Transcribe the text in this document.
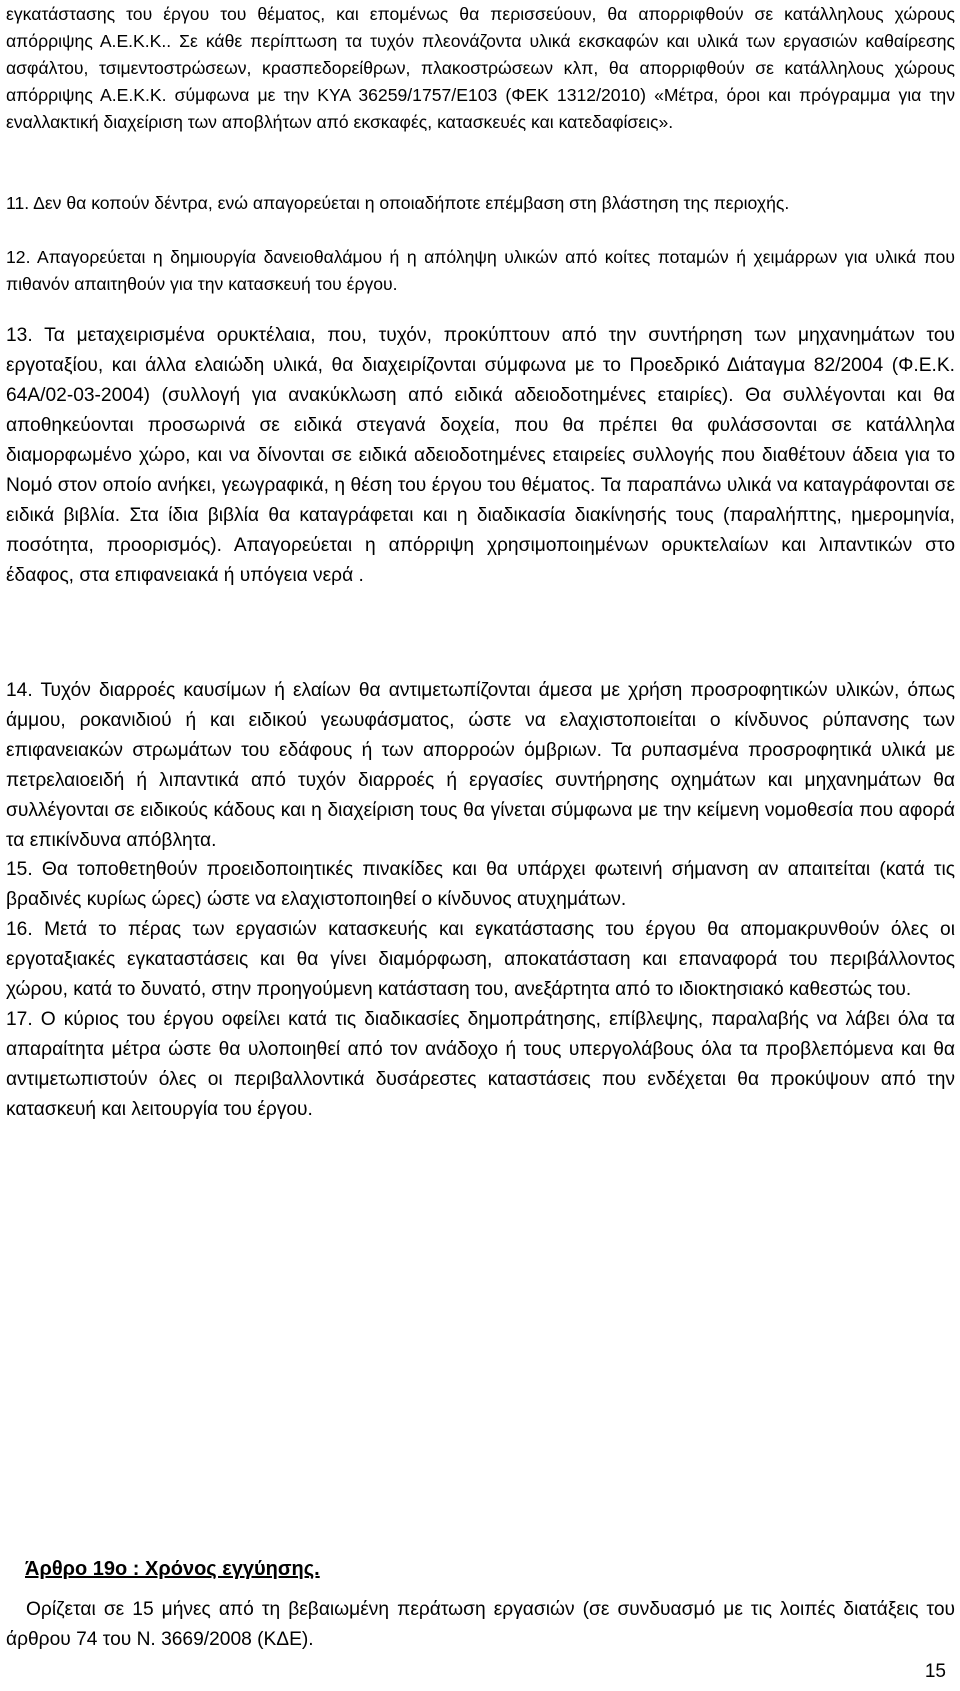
εγκατάστασης του έργου του θέματος, και επομένως θα περισσεύουν, θα απορριφθούν σε κατάλληλους χώρους απόρριψης Α.Ε.Κ.Κ.. Σε κάθε περίπτωση τα τυχόν πλεονάζοντα υλικά εκσκαφών και υλικά των εργασιών καθαίρεσης ασφάλτου, τσιμεντοστρώσεων, κρασπεδορείθρων, πλακοστρώσεων κλπ, θα απορριφθούν σε κατάλληλους χώρους απόρριψης Α.Ε.Κ.Κ. σύμφωνα με την ΚΥΑ 36259/1757/Ε103 (ΦΕΚ 1312/2010) «Μέτρα, όροι και πρόγραμμα για την εναλλακτική διαχείριση των αποβλήτων από εκσκαφές, κατασκευές και κατεδαφίσεις».

11. Δεν θα κοπούν δέντρα, ενώ απαγορεύεται η οποιαδήποτε επέμβαση στη βλάστηση της περιοχής.

12. Απαγορεύεται η δημιουργία δανειοθαλάμου ή η απόληψη υλικών από κοίτες ποταμών ή χειμάρρων για υλικά που πιθανόν απαιτηθούν για την κατασκευή του έργου.

13. Τα μεταχειρισμένα ορυκτέλαια, που, τυχόν, προκύπτουν από την συντήρηση των μηχανημάτων του εργοταξίου, και άλλα ελαιώδη υλικά, θα διαχειρίζονται σύμφωνα με το Προεδρικό Διάταγμα 82/2004 (Φ.Ε.Κ. 64Α/02-03-2004) (συλλογή για ανακύκλωση από ειδικά αδειοδοτημένες εταιρίες). Θα συλλέγονται και θα αποθηκεύονται προσωρινά σε ειδικά στεγανά δοχεία, που θα πρέπει θα φυλάσσονται σε κατάλληλα διαμορφωμένο χώρο, και να δίνονται σε ειδικά αδειοδοτημένες εταιρείες συλλογής που διαθέτουν άδεια για το Νομό στον οποίο ανήκει, γεωγραφικά, η θέση του έργου του θέματος. Τα παραπάνω υλικά να καταγράφονται σε ειδικά βιβλία. Στα ίδια βιβλία θα καταγράφεται και η διαδικασία διακίνησής τους (παραλήπτης, ημερομηνία, ποσότητα, προορισμός). Απαγορεύεται η απόρριψη χρησιμοποιημένων ορυκτελαίων και λιπαντικών στο έδαφος, στα επιφανειακά ή υπόγεια νερά .

14. Τυχόν διαρροές καυσίμων ή ελαίων θα αντιμετωπίζονται άμεσα με χρήση προσροφητικών υλικών, όπως άμμου, ροκανιδιού ή και ειδικού γεωυφάσματος, ώστε να ελαχιστοποιείται ο κίνδυνος ρύπανσης των επιφανειακών στρωμάτων του εδάφους ή των απορροών όμβριων. Τα ρυπασμένα προσροφητικά υλικά με πετρελαιοειδή ή λιπαντικά από τυχόν διαρροές ή εργασίες συντήρησης οχημάτων και μηχανημάτων θα συλλέγονται σε ειδικούς κάδους και η διαχείριση τους θα γίνεται σύμφωνα με την κείμενη νομοθεσία που αφορά τα επικίνδυνα απόβλητα.

Άρθρο 19ο : Χρόνος εγγύησης.

Ορίζεται σε 15 μήνες από τη βεβαιωμένη περάτωση εργασιών (σε συνδυασμό με τις λοιπές διατάξεις του άρθρου 74 του Ν. 3669/2008 (ΚΔΕ).

15

15. Θα τοποθετηθούν προειδοποιητικές πινακίδες και θα υπάρχει φωτεινή σήμανση αν απαιτείται (κατά τις βραδινές κυρίως ώρες) ώστε να ελαχιστοποιηθεί ο κίνδυνος ατυχημάτων.

16. Μετά το πέρας των εργασιών κατασκευής και εγκατάστασης του έργου θα απομακρυνθούν όλες οι εργοταξιακές εγκαταστάσεις και θα γίνει διαμόρφωση, αποκατάσταση και επαναφορά του περιβάλλοντος χώρου, κατά το δυνατό, στην προηγούμενη κατάσταση του, ανεξάρτητα από το ιδιοκτησιακό καθεστώς του.

17. Ο κύριος του έργου οφείλει κατά τις διαδικασίες δημοπράτησης, επίβλεψης, παραλαβής να λάβει όλα τα απαραίτητα μέτρα ώστε θα υλοποιηθεί από τον ανάδοχο ή τους υπεργολάβους όλα τα προβλεπόμενα και θα αντιμετωπιστούν όλες οι περιβαλλοντικά δυσάρεστες καταστάσεις που ενδέχεται θα προκύψουν από την κατασκευή και λειτουργία του έργου.
